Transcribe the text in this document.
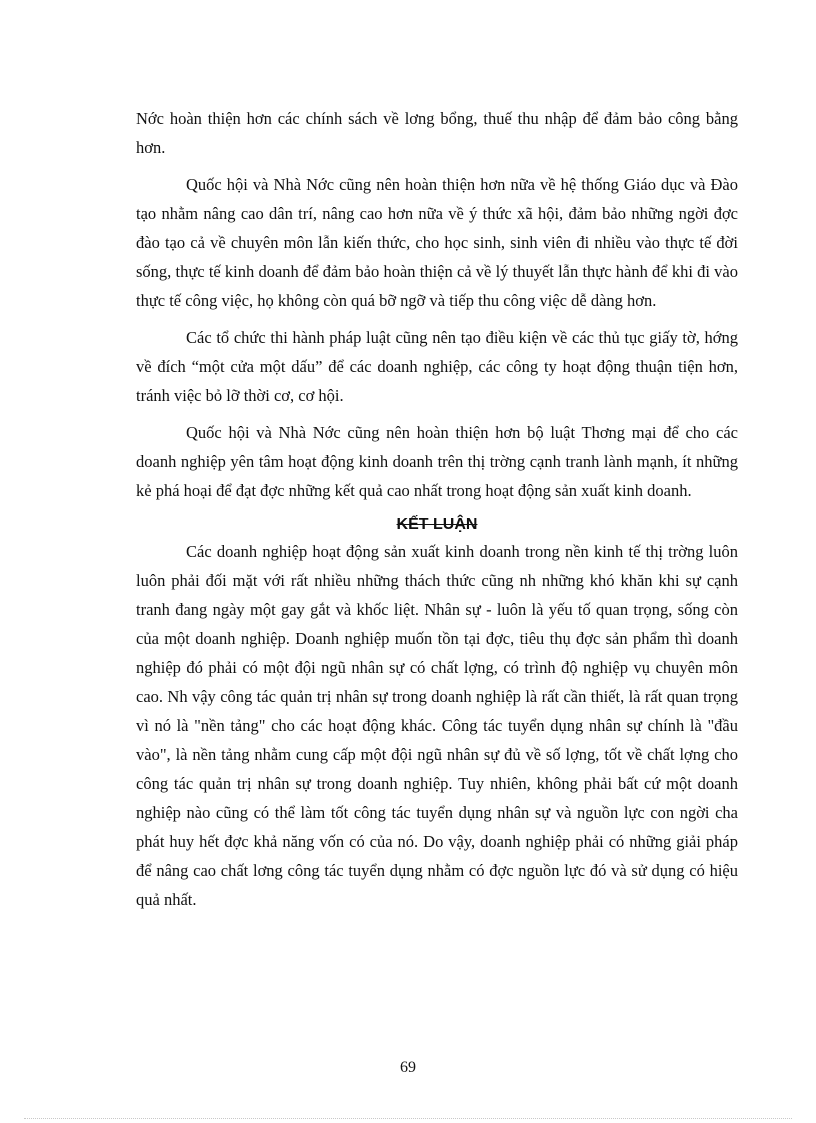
Nớc hoàn thiện hơn các chính sách về lơng bổng, thuế thu nhập để đảm bảo công bằng hơn.

Quốc hội và Nhà Nớc cũng nên hoàn thiện hơn nữa về hệ thống Giáo dục và Đào tạo nhằm nâng cao dân trí, nâng cao hơn nữa về ý thức xã hội, đảm bảo những ngời đợc đào tạo cả về chuyên môn lẫn kiến thức, cho học sinh, sinh viên đi nhiều vào thực tế đời sống, thực tế kinh doanh để đảm bảo hoàn thiện cả về lý thuyết lẫn thực hành để khi đi vào thực tế công việc, họ không còn quá bỡ ngỡ và tiếp thu công việc dễ dàng hơn.

Các tổ chức thi hành pháp luật cũng nên tạo điều kiện về các thủ tục giấy tờ, hớng về đích “một cửa một dấu” để các doanh nghiệp, các công ty hoạt động thuận tiện hơn, tránh việc bỏ lỡ thời cơ, cơ hội.

Quốc hội và Nhà Nớc cũng nên hoàn thiện hơn bộ luật Thơng mại để cho các doanh nghiệp yên tâm hoạt động kinh doanh trên thị trờng cạnh tranh lành mạnh, ít những kẻ phá hoại để đạt đợc những kết quả cao nhất trong hoạt động sản xuất kinh doanh.

KẾT LUẬN

Các doanh nghiệp hoạt động sản xuất kinh doanh trong nền kinh tế thị trờng luôn luôn phải đối mặt với rất nhiều những thách thức cũng nh những khó khăn khi sự cạnh tranh đang ngày một gay gắt và khốc liệt. Nhân sự - luôn là yếu tố quan trọng, sống còn của một doanh nghiệp. Doanh nghiệp muốn tồn tại đợc, tiêu thụ đợc sản phẩm thì doanh nghiệp đó phải có một đội ngũ nhân sự có chất lợng, có trình độ nghiệp vụ chuyên môn cao. Nh vậy công tác quản trị nhân sự trong doanh nghiệp là rất cần thiết, là rất quan trọng vì nó là "nền tảng" cho các hoạt động khác. Công tác tuyển dụng nhân sự chính là "đầu vào", là nền tảng nhằm cung cấp một đội ngũ nhân sự đủ về số lợng, tốt về chất lợng cho công tác quản trị nhân sự trong doanh nghiệp. Tuy nhiên, không phải bất cứ một doanh nghiệp nào cũng có thể làm tốt công tác tuyển dụng nhân sự và nguồn lực con ngời cha phát huy hết đợc khả năng vốn có của nó. Do vậy, doanh nghiệp phải có những giải pháp để nâng cao chất lơng công tác tuyển dụng nhằm có đợc nguồn lực đó và sử dụng có hiệu quả nhất.

69
